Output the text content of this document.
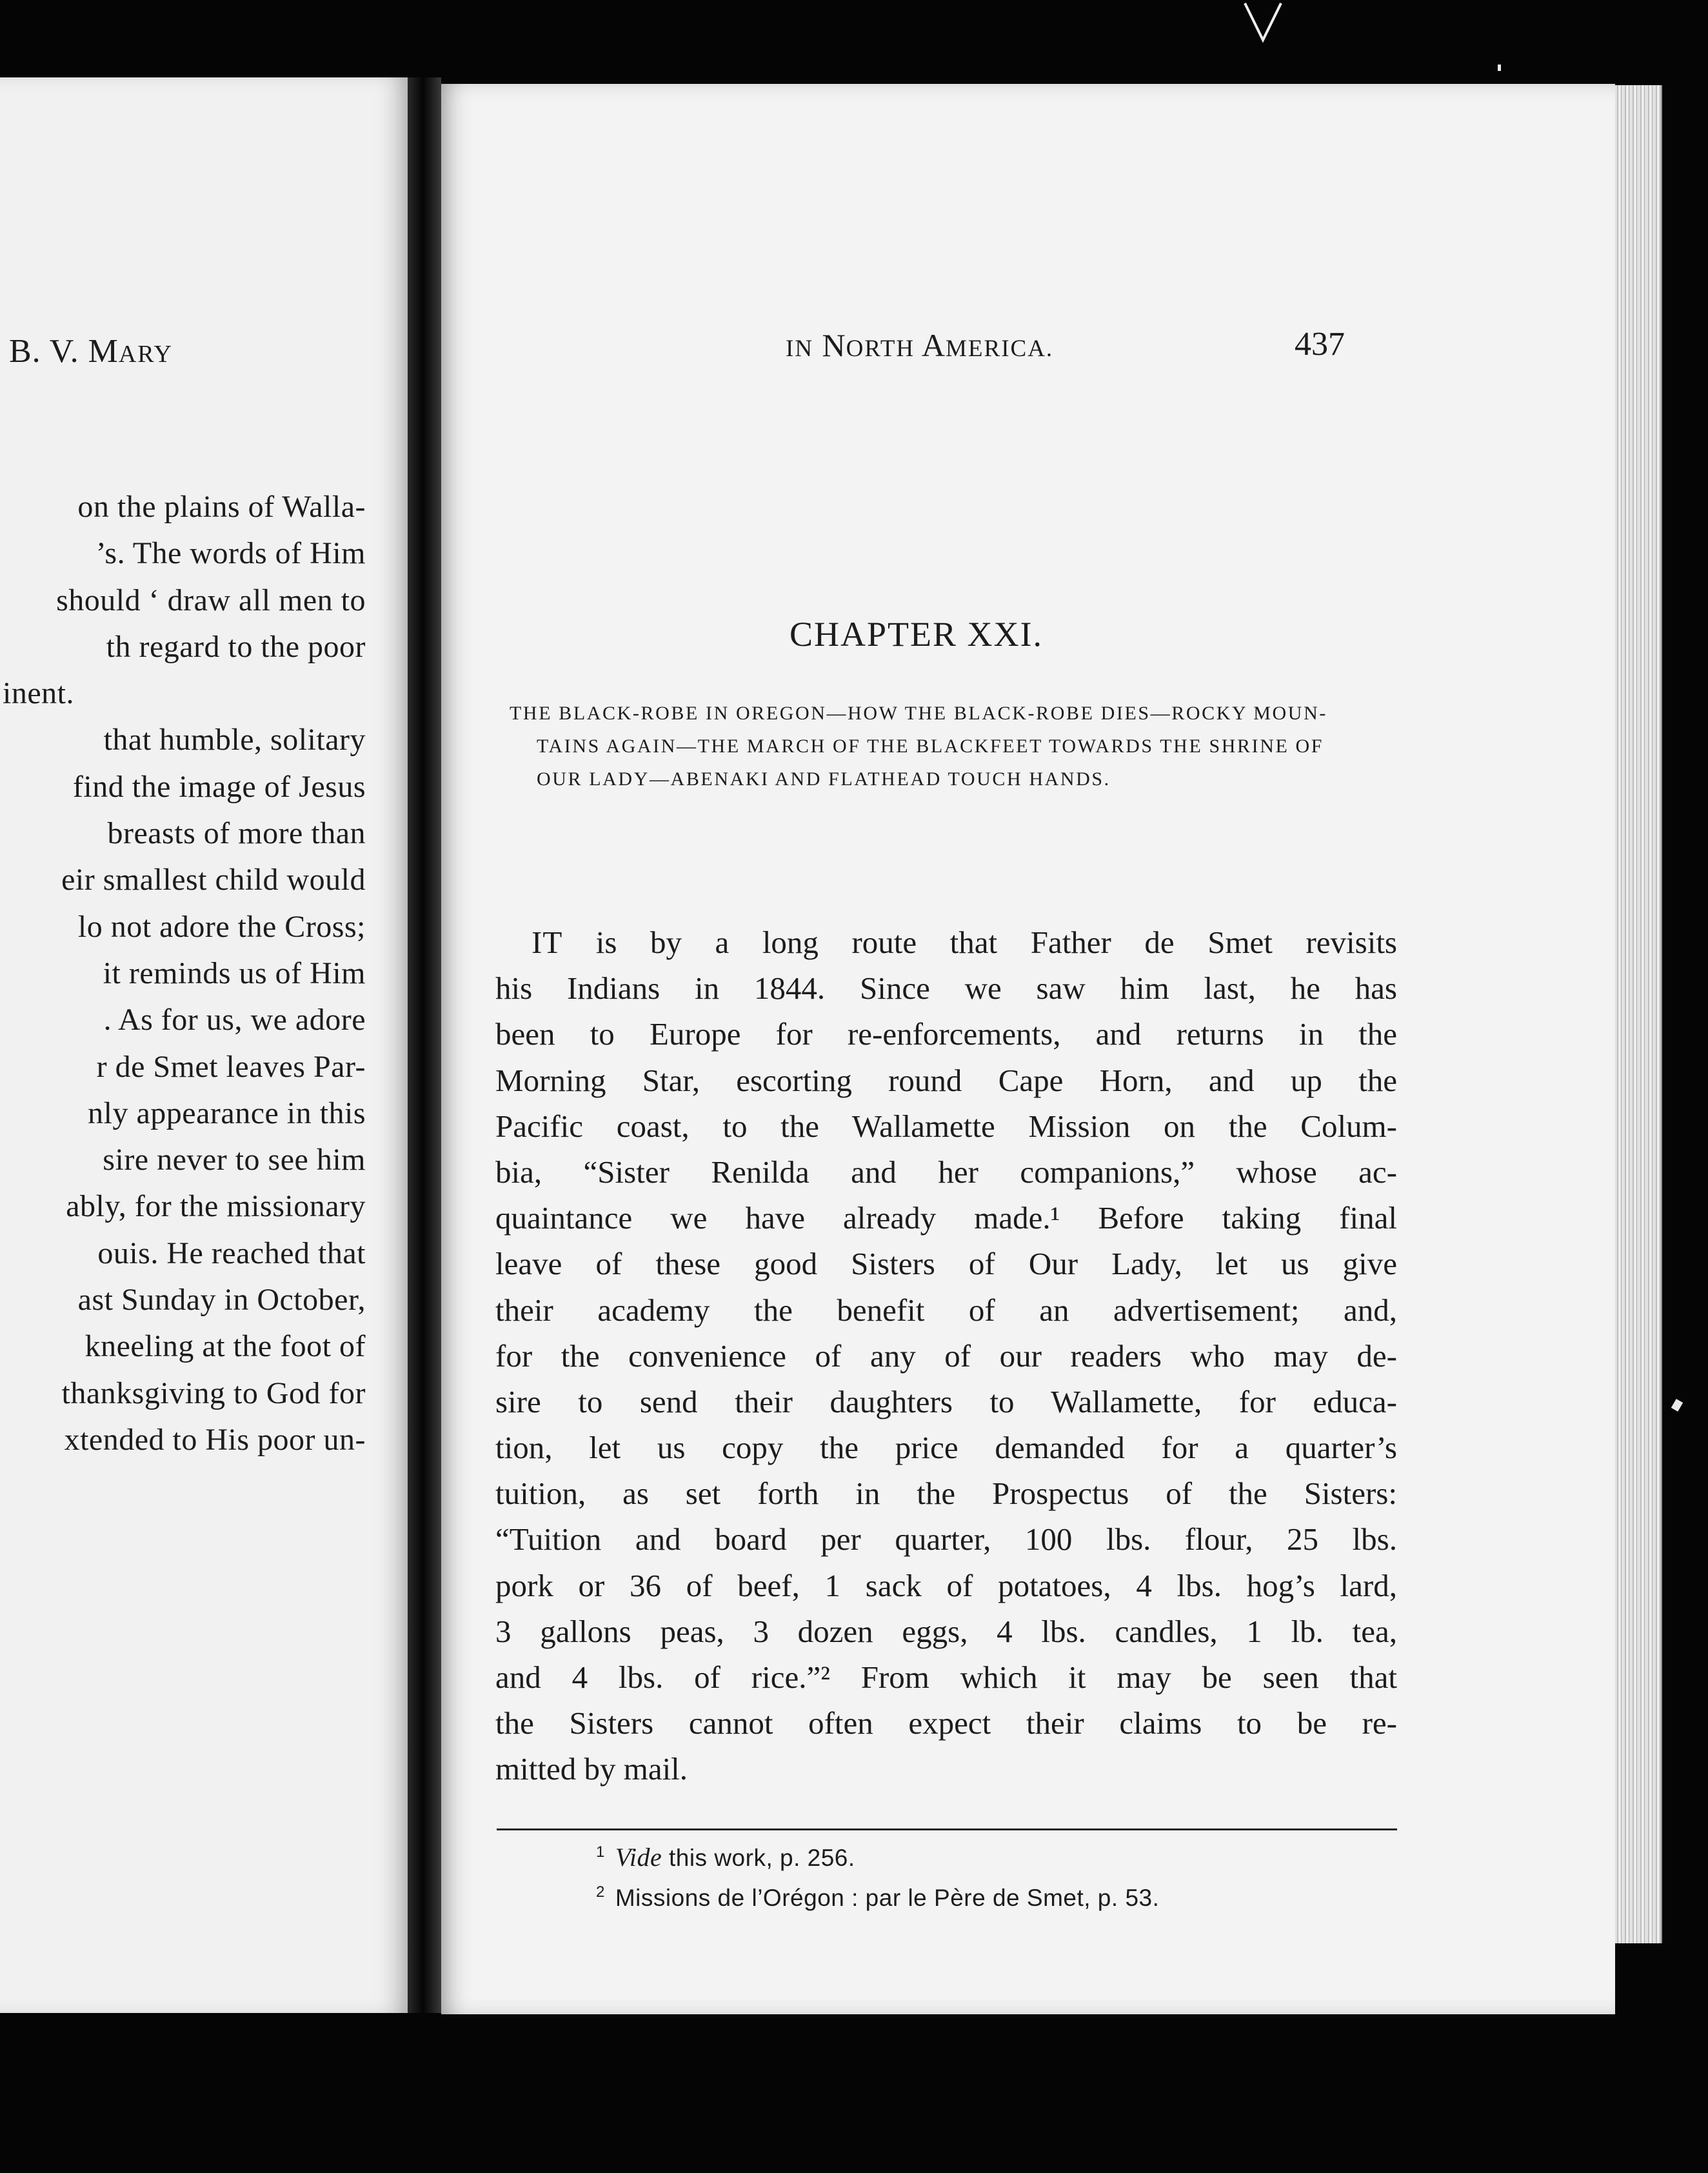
B. V. MARY
on the plains of Walla-
’s. The words of Him
should ‘ draw all men to
th regard to the poor
inent.
that humble, solitary
find the image of Jesus
breasts of more than
eir smallest child would
lo not adore the Cross;
it reminds us of Him
. As for us, we adore
r de Smet leaves Par-
nly appearance in this
sire never to see him
ably, for the missionary
ouis. He reached that
ast Sunday in October,
kneeling at the foot of
thanksgiving to God for
xtended to His poor un-
IN NORTH AMERICA.	437
CHAPTER XXI.

THE BLACK-ROBE IN OREGON—HOW THE BLACK-ROBE DIES—ROCKY MOUN-
TAINS AGAIN—THE MARCH OF THE BLACKFEET TOWARDS THE SHRINE OF
OUR LADY—ABENAKI AND FLATHEAD TOUCH HANDS.

IT is by a long route that Father de Smet revisits
his Indians in 1844. Since we saw him last, he has
been to Europe for re-enforcements, and returns in the
Morning Star, escorting round Cape Horn, and up the
Pacific coast, to the Wallamette Mission on the Colum-
bia, “Sister Renilda and her companions,” whose ac-
quaintance we have already made.¹ Before taking final
leave of these good Sisters of Our Lady, let us give
their academy the benefit of an advertisement; and,
for the convenience of any of our readers who may de-
sire to send their daughters to Wallamette, for educa-
tion, let us copy the price demanded for a quarter’s
tuition, as set forth in the Prospectus of the Sisters:
“Tuition and board per quarter, 100 lbs. flour, 25 lbs.
pork or 36 of beef, 1 sack of potatoes, 4 lbs. hog’s lard,
3 gallons peas, 3 dozen eggs, 4 lbs. candles, 1 lb. tea,
and 4 lbs. of rice.”² From which it may be seen that
the Sisters cannot often expect their claims to be re-
mitted by mail.
$^1$ Vide this work, p. 256.
$^2$ Missions de l’Orégon : par le Père de Smet, p. 53.
